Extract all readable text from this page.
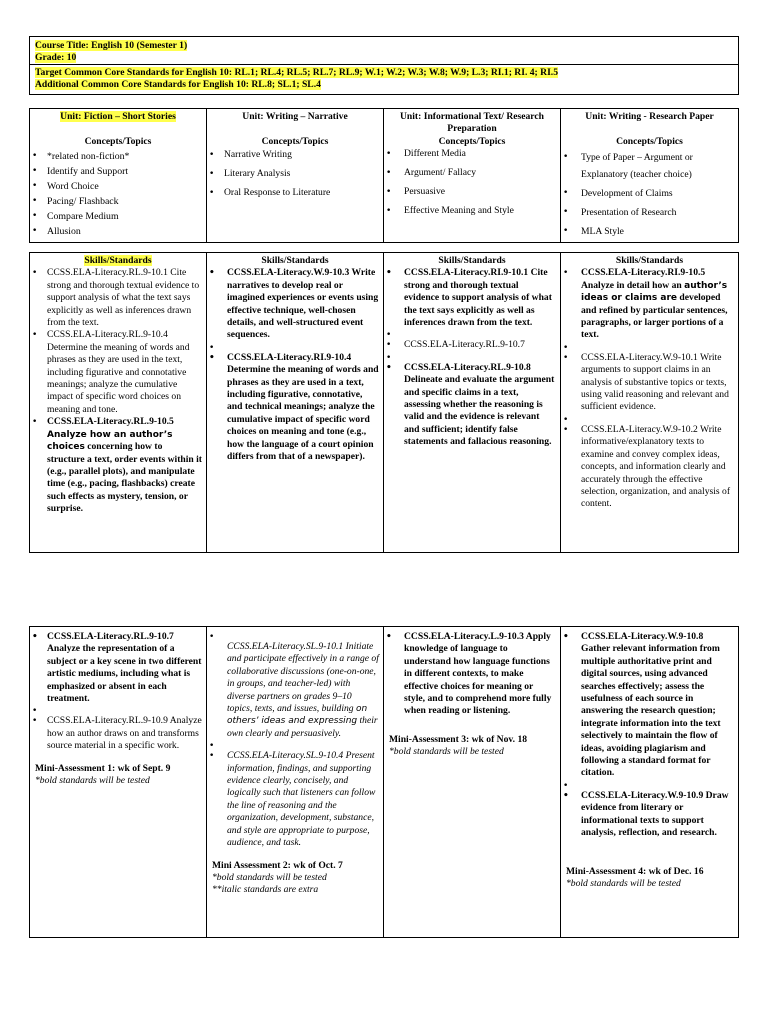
Course Title: English 10 (Semester 1)
Grade: 10
Target Common Core Standards for English 10: RL.1; RL.4; RL.5; RL.7; RL.9; W.1; W.2; W.3; W.8; W.9; L.3; RI.1; RI. 4; RI.5
Additional Common Core Standards for English 10: RL.8; SL.1; SL.4
Unit: Fiction – Short Stories
Concepts/Topics
• *related non-fiction*
• Identify and Support
• Word Choice
• Pacing/ Flashback
• Compare Medium
• Allusion
Unit: Writing – Narrative
Concepts/Topics
• Narrative Writing
• Literary Analysis
• Oral Response to Literature
Unit: Informational Text/ Research Preparation
Concepts/Topics
• Different Media
• Argument/ Fallacy
• Persuasive
• Effective Meaning and Style
Unit: Writing - Research Paper
Concepts/Topics
• Type of Paper – Argument or Explanatory (teacher choice)
• Development of Claims
• Presentation of Research
• MLA Style
Skills/Standards
• CCSS.ELA-Literacy.RL.9-10.1 Cite strong and thorough textual evidence to support analysis of what the text says explicitly as well as inferences drawn from the text.
• CCSS.ELA-Literacy.RL.9-10.4 Determine the meaning of words and phrases as they are used in the text, including figurative and connotative meanings; analyze the cumulative impact of specific word choices on meaning and tone.
• CCSS.ELA-Literacy.RL.9-10.5
Analyze how an author’s choices concerning how to structure a text, order events within it (e.g., parallel plots), and manipulate time (e.g., pacing, flashbacks) create such effects as mystery, tension, or surprise.
Skills/Standards
• CCSS.ELA-Literacy.W.9-10.3 Write narratives to develop real or imagined experiences or events using effective technique, well-chosen details, and well-structured event sequences.
•
• CCSS.ELA-Literacy.RI.9-10.4 Determine the meaning of words and phrases as they are used in a text, including figurative, connotative, and technical meanings; analyze the cumulative impact of specific word choices on meaning and tone (e.g., how the language of a court opinion differs from that of a newspaper).
Skills/Standards
• CCSS.ELA-Literacy.RI.9-10.1 Cite strong and thorough textual evidence to support analysis of what the text says explicitly as well as inferences drawn from the text.
•
• CCSS.ELA-Literacy.RL.9-10.7
•
• CCSS.ELA-Literacy.RL.9-10.8 Delineate and evaluate the argument and specific claims in a text, assessing whether the reasoning is valid and the evidence is relevant and sufficient; identify false statements and fallacious reasoning.
Skills/Standards
• CCSS.ELA-Literacy.RI.9-10.5 Analyze in detail how an author’s ideas or claims are developed and refined by particular sentences, paragraphs, or larger portions of a text.
•
• CCSS.ELA-Literacy.W.9-10.1 Write arguments to support claims in an analysis of substantive topics or texts, using valid reasoning and relevant and sufficient evidence.
•
• CCSS.ELA-Literacy.W.9-10.2 Write informative/explanatory texts to examine and convey complex ideas, concepts, and information clearly and accurately through the effective selection, organization, and analysis of content.
• CCSS.ELA-Literacy.RL.9-10.7 Analyze the representation of a subject or a key scene in two different artistic mediums, including what is emphasized or absent in each treatment.
•
• CCSS.ELA-Literacy.RL.9-10.9 Analyze how an author draws on and transforms source material in a specific work.
Mini-Assessment 1: wk of Sept. 9
*bold standards will be tested
• CCSS.ELA-Literacy.SL.9-10.1 Initiate and participate effectively in a range of collaborative discussions (one-on-one, in groups, and teacher-led) with diverse partners on grades 9–10 topics, texts, and issues, building on others’ ideas and expressing their own clearly and persuasively.
•
• CCSS.ELA-Literacy.SL.9-10.4 Present information, findings, and supporting evidence clearly, concisely, and logically such that listeners can follow the line of reasoning and the organization, development, substance, and style are appropriate to purpose, audience, and task.
Mini Assessment 2: wk of Oct. 7
*bold standards will be tested
**italic standards are extra
• CCSS.ELA-Literacy.L.9-10.3 Apply knowledge of language to understand how language functions in different contexts, to make effective choices for meaning or style, and to comprehend more fully when reading or listening.
Mini-Assessment 3: wk of Nov. 18
*bold standards will be tested
• CCSS.ELA-Literacy.W.9-10.8 Gather relevant information from multiple authoritative print and digital sources, using advanced searches effectively; assess the usefulness of each source in answering the research question; integrate information into the text selectively to maintain the flow of ideas, avoiding plagiarism and following a standard format for citation.
•
• CCSS.ELA-Literacy.W.9-10.9 Draw evidence from literary or informational texts to support analysis, reflection, and research.
Mini-Assessment 4: wk of Dec. 16
*bold standards will be tested
